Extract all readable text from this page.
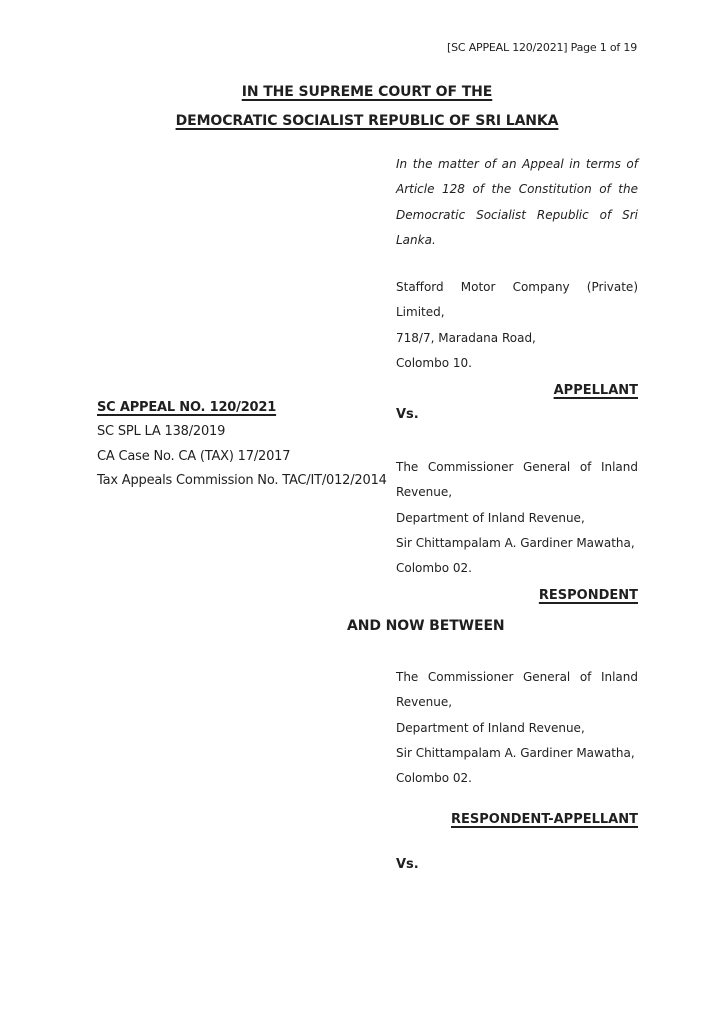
[SC APPEAL 120/2021] Page 1 of 19
IN THE SUPREME COURT OF THE
DEMOCRATIC SOCIALIST REPUBLIC OF SRI LANKA
In the matter of an Appeal in terms of
Article 128 of the Constitution of the
Democratic Socialist Republic of Sri
Lanka.
Stafford Motor Company (Private)
Limited,
718/7, Maradana Road,
Colombo 10.
APPELLANT
Vs.
SC APPEAL NO. 120/2021
SC SPL LA 138/2019
CA Case No. CA (TAX) 17/2017
Tax Appeals Commission No. TAC/IT/012/2014
The Commissioner General of Inland
Revenue,
Department of Inland Revenue,
Sir Chittampalam A. Gardiner Mawatha,
Colombo 02.
RESPONDENT
AND NOW BETWEEN
The Commissioner General of Inland
Revenue,
Department of Inland Revenue,
Sir Chittampalam A. Gardiner Mawatha,
Colombo 02.
RESPONDENT-APPELLANT
Vs.
